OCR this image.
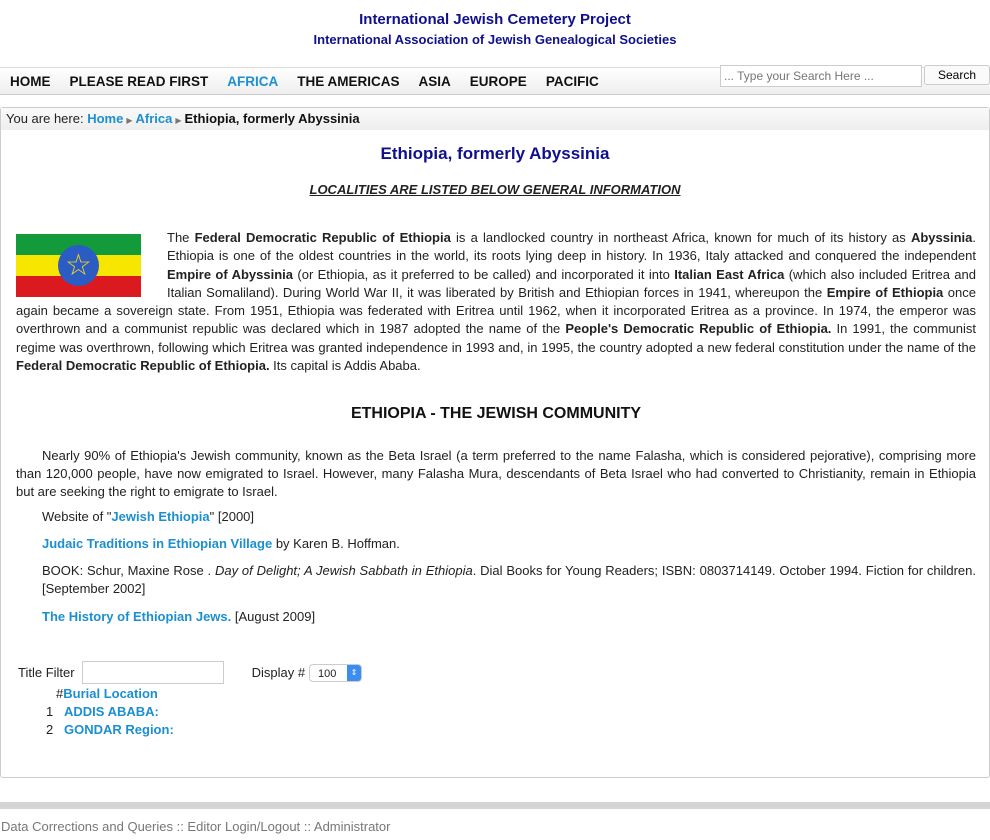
International Jewish Cemetery Project
International Association of Jewish Genealogical Societies
HOME PLEASE READ FIRST AFRICA THE AMERICAS ASIA EUROPE PACIFIC
... Type your Search Here ...	Search
You are here: Home ▶ Africa ▶ Ethiopia, formerly Abyssinia
Ethiopia, formerly Abyssinia
LOCALITIES ARE LISTED BELOW GENERAL INFORMATION
☆
The Federal Democratic Republic of Ethiopia is a landlocked country in northeast Africa, known for much of its history as Abyssinia. Ethiopia is one of the oldest countries in the world, its roots lying deep in history. In 1936, Italy attacked and conquered the independent Empire of Abyssinia (or Ethiopia, as it preferred to be called) and incorporated it into Italian East Africa (which also included Eritrea and Italian Somaliland). During World War II, it was liberated by British and Ethiopian forces in 1941, whereupon the Empire of Ethiopia once again became a sovereign state. From 1951, Ethiopia was federated with Eritrea until 1962, when it incorporated Eritrea as a province. In 1974, the emperor was overthrown and a communist republic was declared which in 1987 adopted the name of the People's Democratic Republic of Ethiopia. In 1991, the communist regime was overthrown, following which Eritrea was granted independence in 1993 and, in 1995, the country adopted a new federal constitution under the name of the Federal Democratic Republic of Ethiopia. Its capital is Addis Ababa.
ETHIOPIA - THE JEWISH COMMUNITY

Nearly 90% of Ethiopia's Jewish community, known as the Beta Israel (a term preferred to the name Falasha, which is considered pejorative), comprising more than 120,000 people, have now emigrated to Israel. However, many Falasha Mura, descendants of Beta Israel who had converted to Christianity, remain in Ethiopia but are seeking the right to emigrate to Israel.

Website of "Jewish Ethiopia" [2000]

Judaic Traditions in Ethiopian Village by Karen B. Hoffman.

BOOK: Schur, Maxine Rose . Day of Delight; A Jewish Sabbath in Ethiopia. Dial Books for Young Readers; ISBN: 0803714149. October 1994. Fiction for children. [September 2002]

The History of Ethiopian Jews. [August 2009]

Title Filter	Display #	100	⇕
#Burial Location
1 ADDIS ABABA:
2 GONDAR Region:
Data Corrections and Queries :: Editor Login/Logout :: Administrator
